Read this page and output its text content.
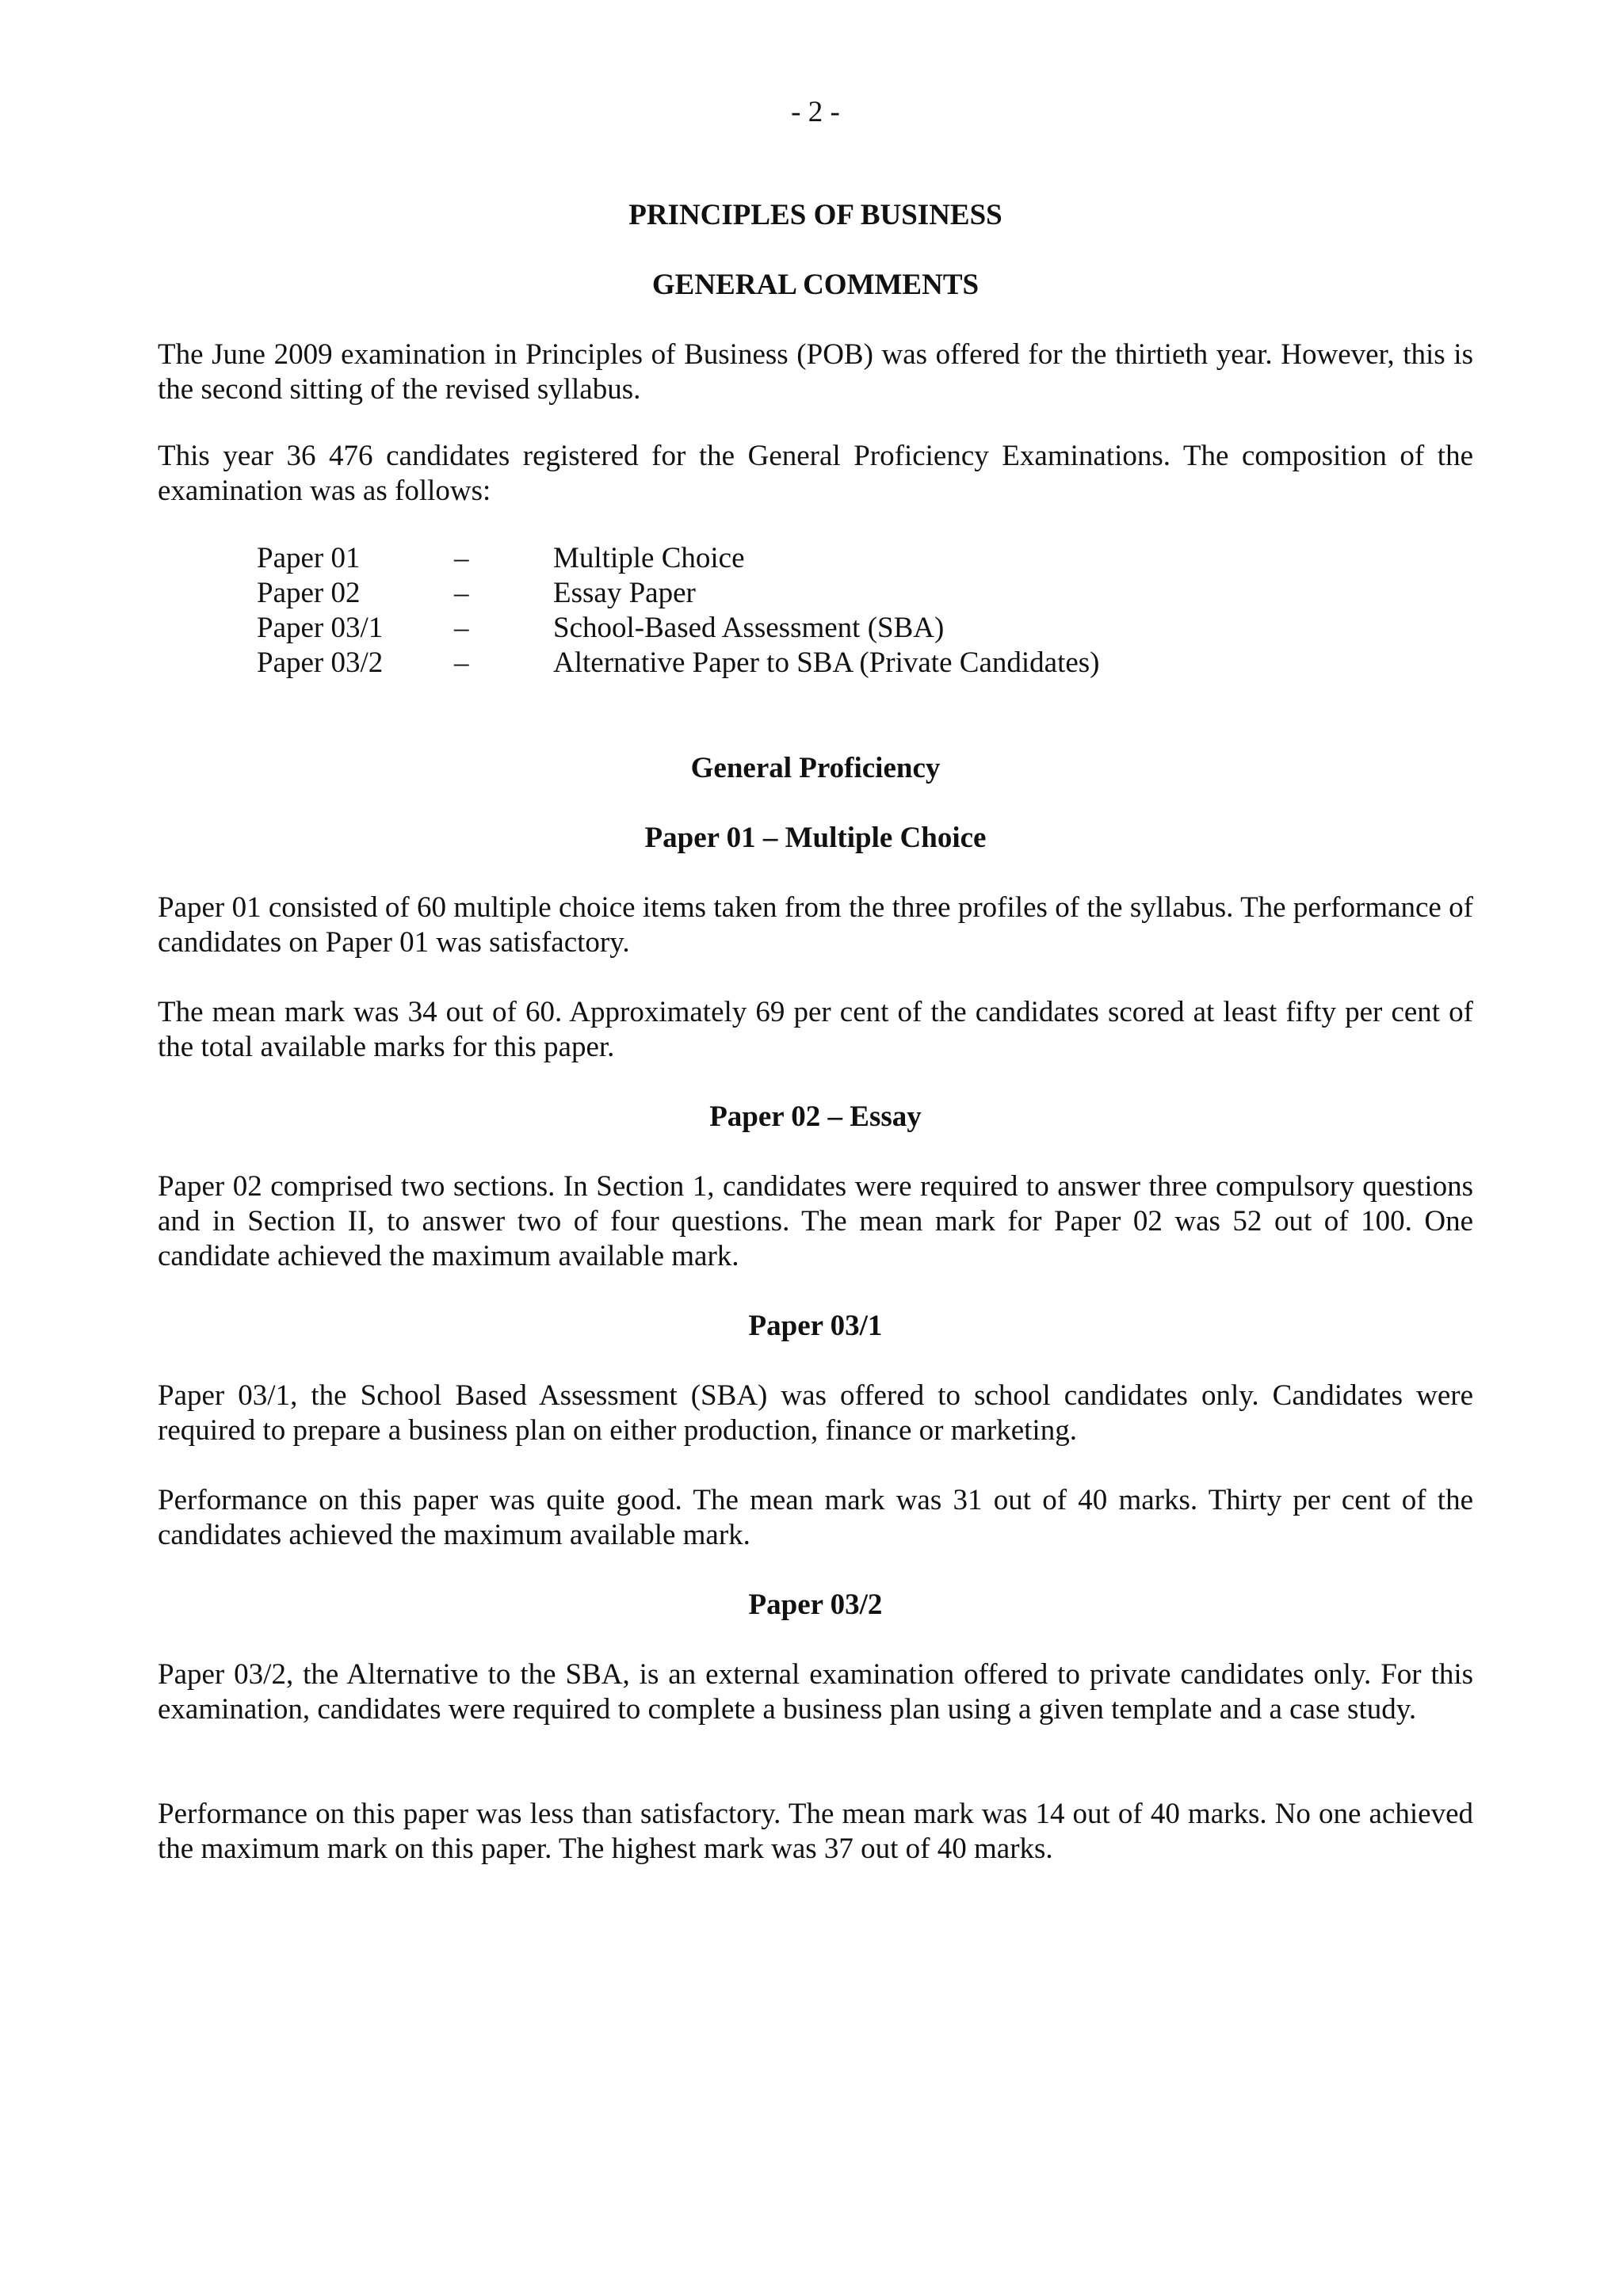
- 2 -
PRINCIPLES OF BUSINESS
GENERAL COMMENTS

The June 2009 examination in Principles of Business (POB) was offered for the thirtieth year. However, this is the second sitting of the revised syllabus.

This year 36 476 candidates registered for the General Proficiency Examinations. The composition of the examination was as follows:

Paper 01	–	Multiple Choice
Paper 02	–	Essay Paper
Paper 03/1	–	School-Based Assessment (SBA)
Paper 03/2	–	Alternative Paper to SBA (Private Candidates)
General Proficiency
Paper 01 – Multiple Choice

Paper 01 consisted of 60 multiple choice items taken from the three profiles of the syllabus. The performance of candidates on Paper 01 was satisfactory.

The mean mark was 34 out of 60. Approximately 69 per cent of the candidates scored at least fifty per cent of the total available marks for this paper.

Paper 02 – Essay

Paper 02 comprised two sections. In Section 1, candidates were required to answer three compulsory questions and in Section II, to answer two of four questions. The mean mark for Paper 02 was 52 out of 100. One candidate achieved the maximum available mark.

Paper 03/1

Paper 03/1, the School Based Assessment (SBA) was offered to school candidates only. Candidates were required to prepare a business plan on either production, finance or marketing.

Performance on this paper was quite good. The mean mark was 31 out of 40 marks. Thirty per cent of the candidates achieved the maximum available mark.

Paper 03/2

Paper 03/2, the Alternative to the SBA, is an external examination offered to private candidates only. For this examination, candidates were required to complete a business plan using a given template and a case study.

Performance on this paper was less than satisfactory. The mean mark was 14 out of 40 marks. No one achieved the maximum mark on this paper. The highest mark was 37 out of 40 marks.
